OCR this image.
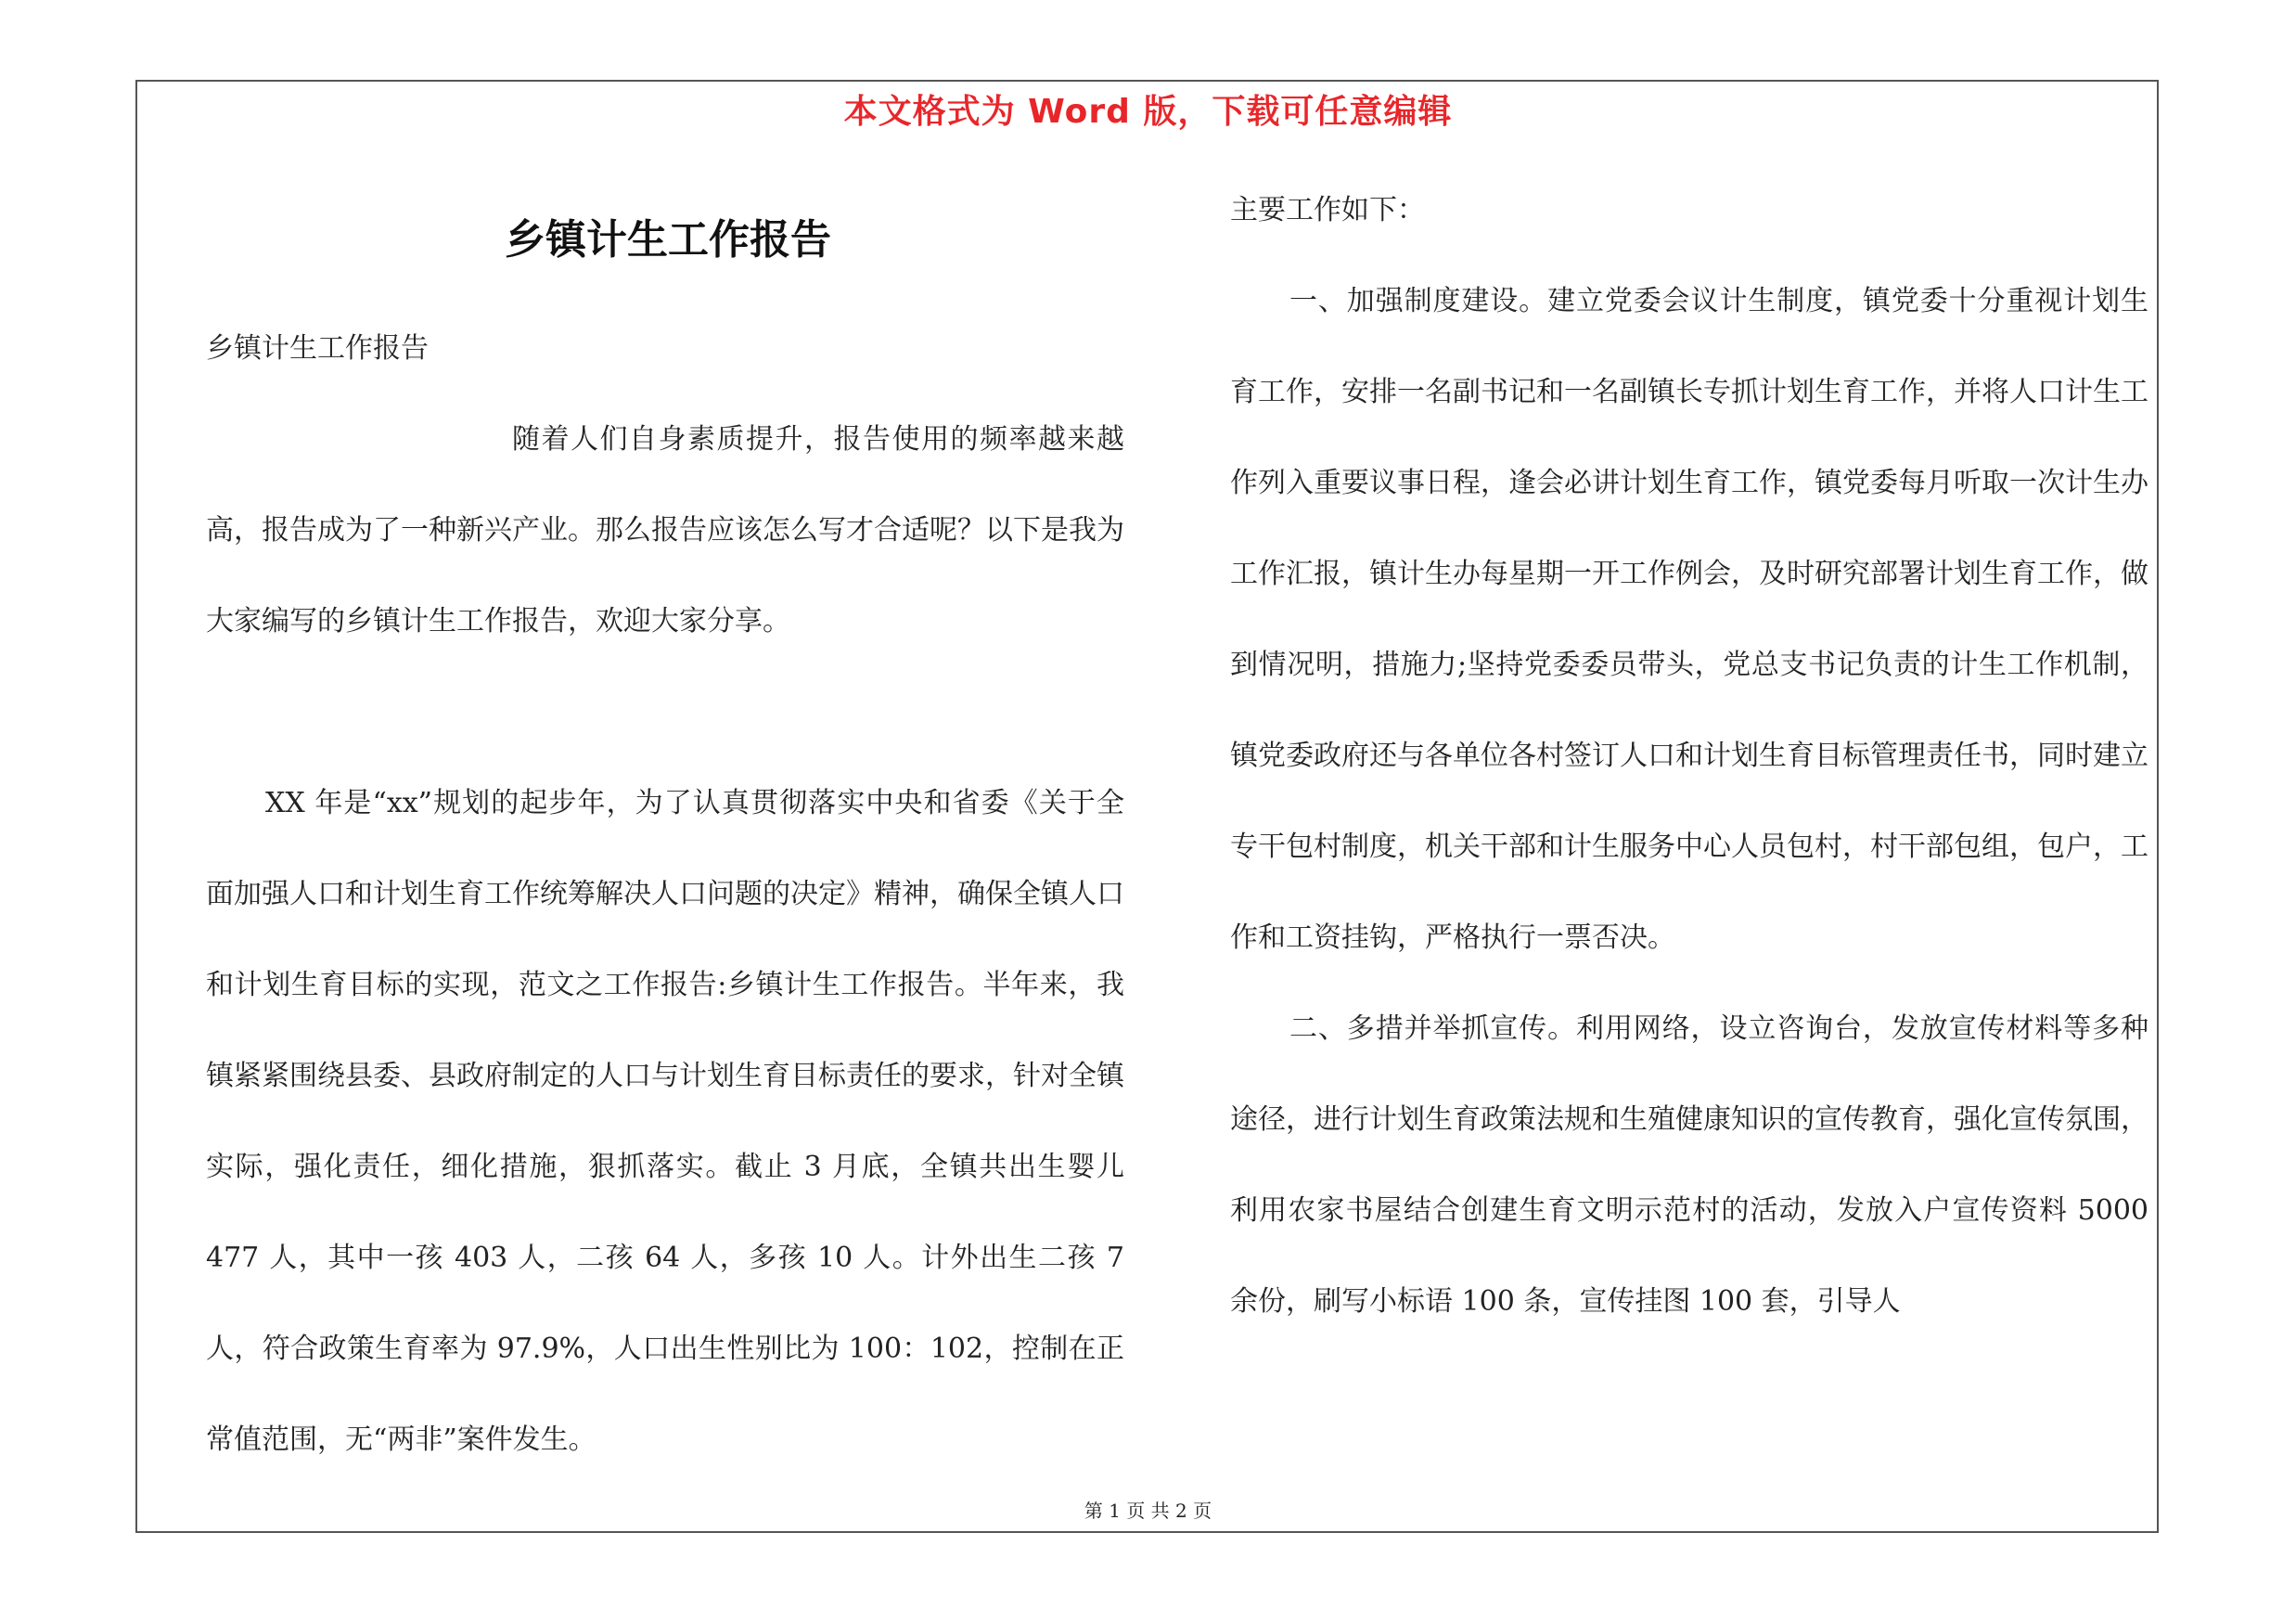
本文格式为 Word 版，下载可任意编辑
乡镇计生工作报告

乡镇计生工作报告

随着人们自身素质提升，报告使用的频率越来越高，报告成为了一种新兴产业。那么报告应该怎么写才合适呢？以下是我为大家编写的乡镇计生工作报告，欢迎大家分享。

XX 年是“xx”规划的起步年，为了认真贯彻落实中央和省委《关于全面加强人口和计划生育工作统筹解决人口问题的决定》精神，确保全镇人口和计划生育目标的实现，范文之工作报告:乡镇计生工作报告。半年来，我镇紧紧围绕县委、县政府制定的人口与计划生育目标责任的要求，针对全镇实际，强化责任，细化措施，狠抓落实。截止 3 月底，全镇共出生婴儿 477 人，其中一孩 403 人，二孩 64 人，多孩 10 人。计外出生二孩 7 人，符合政策生育率为 97.9%，人口出生性别比为 100：102，控制在正常值范围，无“两非”案件发生。

主要工作如下：

一、加强制度建设。建立党委会议计生制度，镇党委十分重视计划生育工作，安排一名副书记和一名副镇长专抓计划生育工作，并将人口计生工作列入重要议事日程，逢会必讲计划生育工作，镇党委每月听取一次计生办工作汇报，镇计生办每星期一开工作例会，及时研究部署计划生育工作，做到情况明，措施力;坚持党委委员带头，党总支书记负责的计生工作机制，镇党委政府还与各单位各村签订人口和计划生育目标管理责任书，同时建立专干包村制度，机关干部和计生服务中心人员包村，村干部包组，包户，工作和工资挂钩，严格执行一票否决。

二、多措并举抓宣传。利用网络，设立咨询台，发放宣传材料等多种途径，进行计划生育政策法规和生殖健康知识的宣传教育，强化宣传氛围，利用农家书屋结合创建生育文明示范村的活动，发放入户宣传资料 5000 余份，刷写小标语 100 条，宣传挂图 100 套，引导人

第 1 页 共 2 页
